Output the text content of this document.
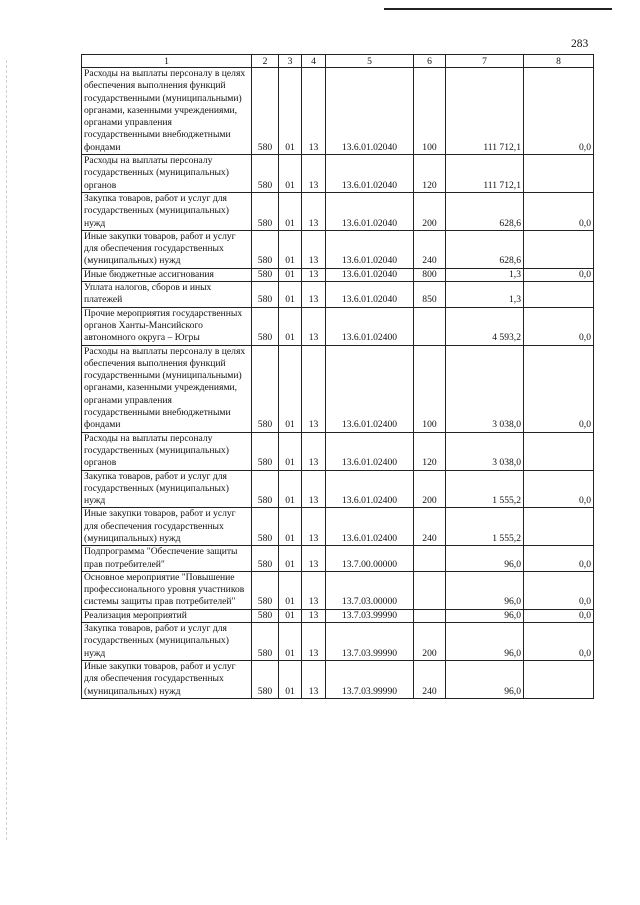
283
1	2	3	4	5	6	7	8
Расходы на выплаты персоналу в целях обеспечения выполнения функций государственными (муниципальными) органами, казенными учреждениями, органами управления государственными внебюджетными фондами	580	01	13	13.6.01.02040	100	111 712,1	0,0
Расходы на выплаты персоналу государственных (муниципальных) органов	580	01	13	13.6.01.02040	120	111 712,1	
Закупка товаров, работ и услуг для государственных (муниципальных) нужд	580	01	13	13.6.01.02040	200	628,6	0,0
Иные закупки товаров, работ и услуг для обеспечения государственных (муниципальных) нужд	580	01	13	13.6.01.02040	240	628,6	
Иные бюджетные ассигнования	580	01	13	13.6.01.02040	800	1,3	0,0
Уплата налогов, сборов и иных платежей	580	01	13	13.6.01.02040	850	1,3	
Прочие мероприятия государственных органов Ханты-Мансийского автономного округа – Югры	580	01	13	13.6.01.02400		4 593,2	0,0
Расходы на выплаты персоналу в целях обеспечения выполнения функций государственными (муниципальными) органами, казенными учреждениями, органами управления государственными внебюджетными фондами	580	01	13	13.6.01.02400	100	3 038,0	0,0
Расходы на выплаты персоналу государственных (муниципальных) органов	580	01	13	13.6.01.02400	120	3 038,0	
Закупка товаров, работ и услуг для государственных (муниципальных) нужд	580	01	13	13.6.01.02400	200	1 555,2	0,0
Иные закупки товаров, работ и услуг для обеспечения государственных (муниципальных) нужд	580	01	13	13.6.01.02400	240	1 555,2	
Подпрограмма "Обеспечение защиты прав потребителей"	580	01	13	13.7.00.00000		96,0	0,0
Основное мероприятие "Повышение профессионального уровня участников системы защиты прав потребителей"	580	01	13	13.7.03.00000		96,0	0,0
Реализация мероприятий	580	01	13	13.7.03.99990		96,0	0,0
Закупка товаров, работ и услуг для государственных (муниципальных) нужд	580	01	13	13.7.03.99990	200	96,0	0,0
Иные закупки товаров, работ и услуг для обеспечения государственных (муниципальных) нужд	580	01	13	13.7.03.99990	240	96,0	
